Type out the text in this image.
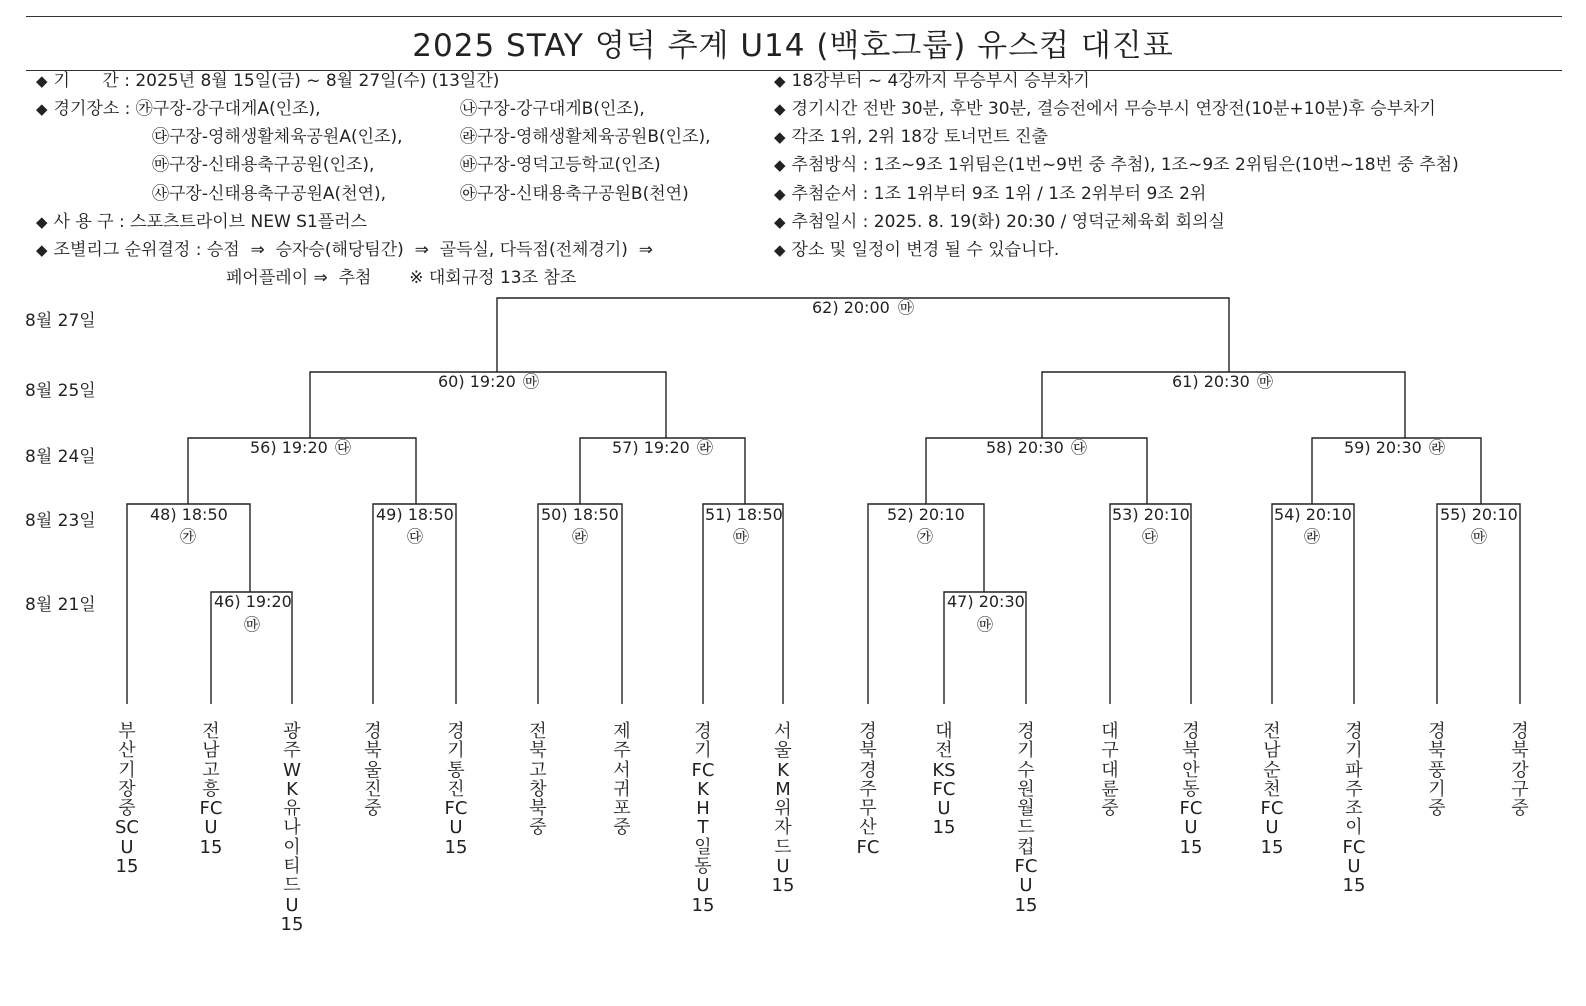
2025 STAY 영덕 추계 U14 (백호그룹) 유스컵 대진표
◆ 기      간 : 2025년 8월 15일(금) ~ 8월 27일(수) (13일간)
◆ 경기장소 : ㉮구장-강구대게A(인조),	㉯구장-강구대게B(인조),
㉰구장-영해생활체육공원A(인조),	㉱구장-영해생활체육공원B(인조),
㉲구장-신태용축구공원(인조),	㉳구장-영덕고등학교(인조)
㉴구장-신태용축구공원A(천연),	㉵구장-신태용축구공원B(천연)
◆ 사 용 구 : 스포츠트라이브 NEW S1플러스
◆ 조별리그 순위결정 : 승점  ⇒  승자승(해당팀간)  ⇒  골득실, 다득점(전체경기)  ⇒
페어플레이 ⇒  추첨       ※ 대회규정 13조 참조
◆ 18강부터 ~ 4강까지 무승부시 승부차기
◆ 경기시간 전반 30분, 후반 30분, 결승전에서 무승부시 연장전(10분+10분)후 승부차기
◆ 각조 1위, 2위 18강 토너먼트 진출
◆ 추첨방식 : 1조~9조 1위팀은(1번~9번 중 추첨), 1조~9조 2위팀은(10번~18번 중 추첨)
◆ 추첨순서 : 1조 1위부터 9조 1위 / 1조 2위부터 9조 2위
◆ 추첨일시 : 2025. 8. 19(화) 20:30 / 영덕군체육회 회의실
◆ 장소 및 일정이 변경 될 수 있습니다.
8월 27일
8월 25일
8월 24일
8월 23일
8월 21일
62) 20:00 ㉲
60) 19:20 ㉲	61) 20:30 ㉲
56) 19:20 ㉰	57) 19:20 ㉱	58) 20:30 ㉰	59) 20:30 ㉱
48) 18:50
㉮
49) 18:50
㉰
50) 18:50
㉱
51) 18:50
㉲
52) 20:10
㉮
53) 20:10
㉰
54) 20:10
㉱
55) 20:10
㉲
46) 19:20
㉲
47) 20:30
㉲
부산기장중SCU15
전남고흥FCU15
광주WK유나이티드U15
경북울진중
경기통진FCU15
전북고창북중
제주서귀포중
경기FCKHT일동U15
서울KM위자드U15
경북경주무산FC
대전KSFCU15
경기수원월드컵FCU15
대구대륜중
경북안동FCU15
전남순천FCU15
경기파주조이FCU15
경북풍기중
경북강구중
